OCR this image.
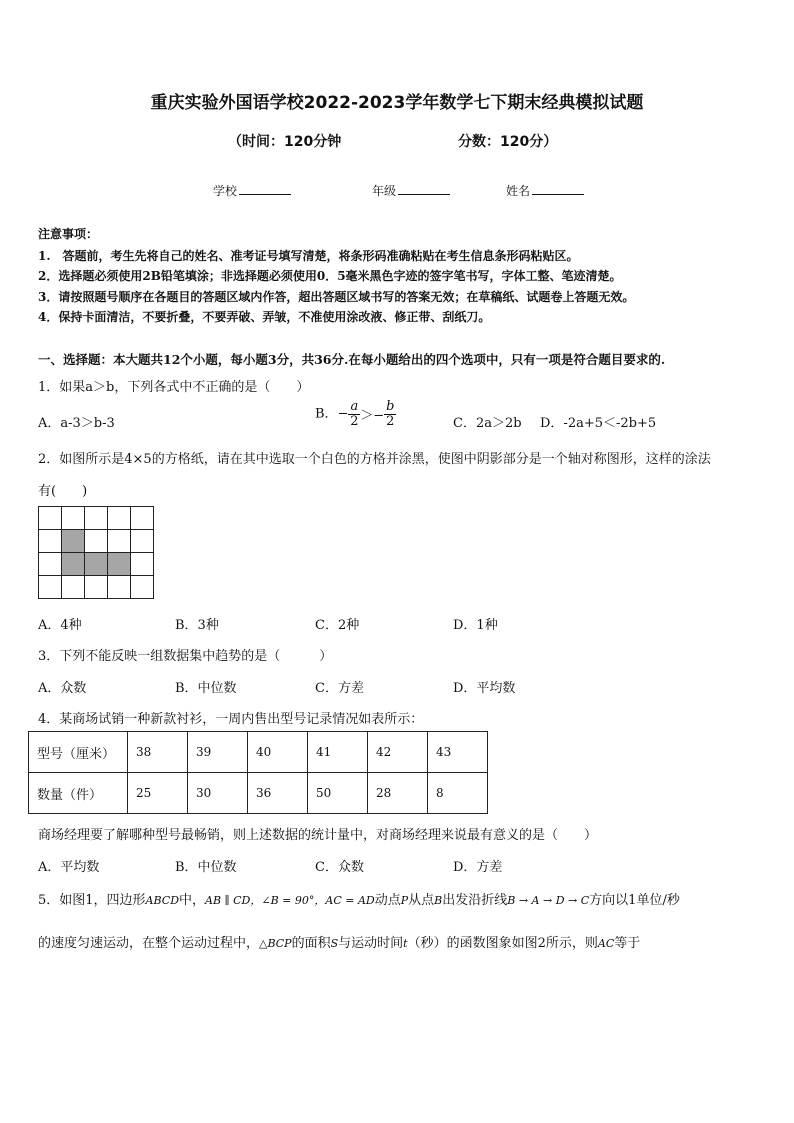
重庆实验外国语学校2022-2023学年数学七下期末经典模拟试题
（时间：120分钟	分数：120分）
学校	年级	姓名
注意事项：
1.　答题前，考生先将自己的姓名、准考证号填写清楚，将条形码准确粘贴在考生信息条形码粘贴区。
2．选择题必须使用2B铅笔填涂；非选择题必须使用0．5毫米黑色字迹的签字笔书写，字体工整、笔迹清楚。
3．请按照题号顺序在各题目的答题区域内作答，超出答题区域书写的答案无效；在草稿纸、试题卷上答题无效。
4．保持卡面清洁，不要折叠，不要弄破、弄皱，不准使用涂改液、修正带、刮纸刀。
一、选择题：本大题共12个小题，每小题3分，共36分.在每小题给出的四个选项中，只有一项是符合题目要求的.
1．如果a＞b，下列各式中不正确的是（　　）
A．a-3＞b-3
B．− $\frac{a}{2} >- \frac{b}{2}$	C．2a＞2b D．-2a+5＜-2b+5
2．如图所示是4×5的方格纸，请在其中选取一个白色的方格并涂黑，使图中阴影部分是一个轴对称图形，这样的涂法
有(　　)

A．4种	B．3种	C．2种	D．1种
3．下列不能反映一组数据集中趋势的是（　　　）
A．众数	B．中位数	C．方差	D．平均数
4．某商场试销一种新款衬衫，一周内售出型号记录情况如表所示：
型号（厘米）	38	39	40	41	42	43
数量（件）	25	30	36	50	28	8
商场经理要了解哪种型号最畅销，则上述数据的统计量中，对商场经理来说最有意义的是（　　）
A．平均数	B．中位数	C．众数	D．方差
5．如图1，四边形ABCD中，AB ∥ CD，∠B = 90°，AC = AD动点P从点B出发沿折线B → A → D → C方向以1单位/秒
的速度匀速运动，在整个运动过程中，△BCP的面积S与运动时间t（秒）的函数图象如图2所示，则AC等于
